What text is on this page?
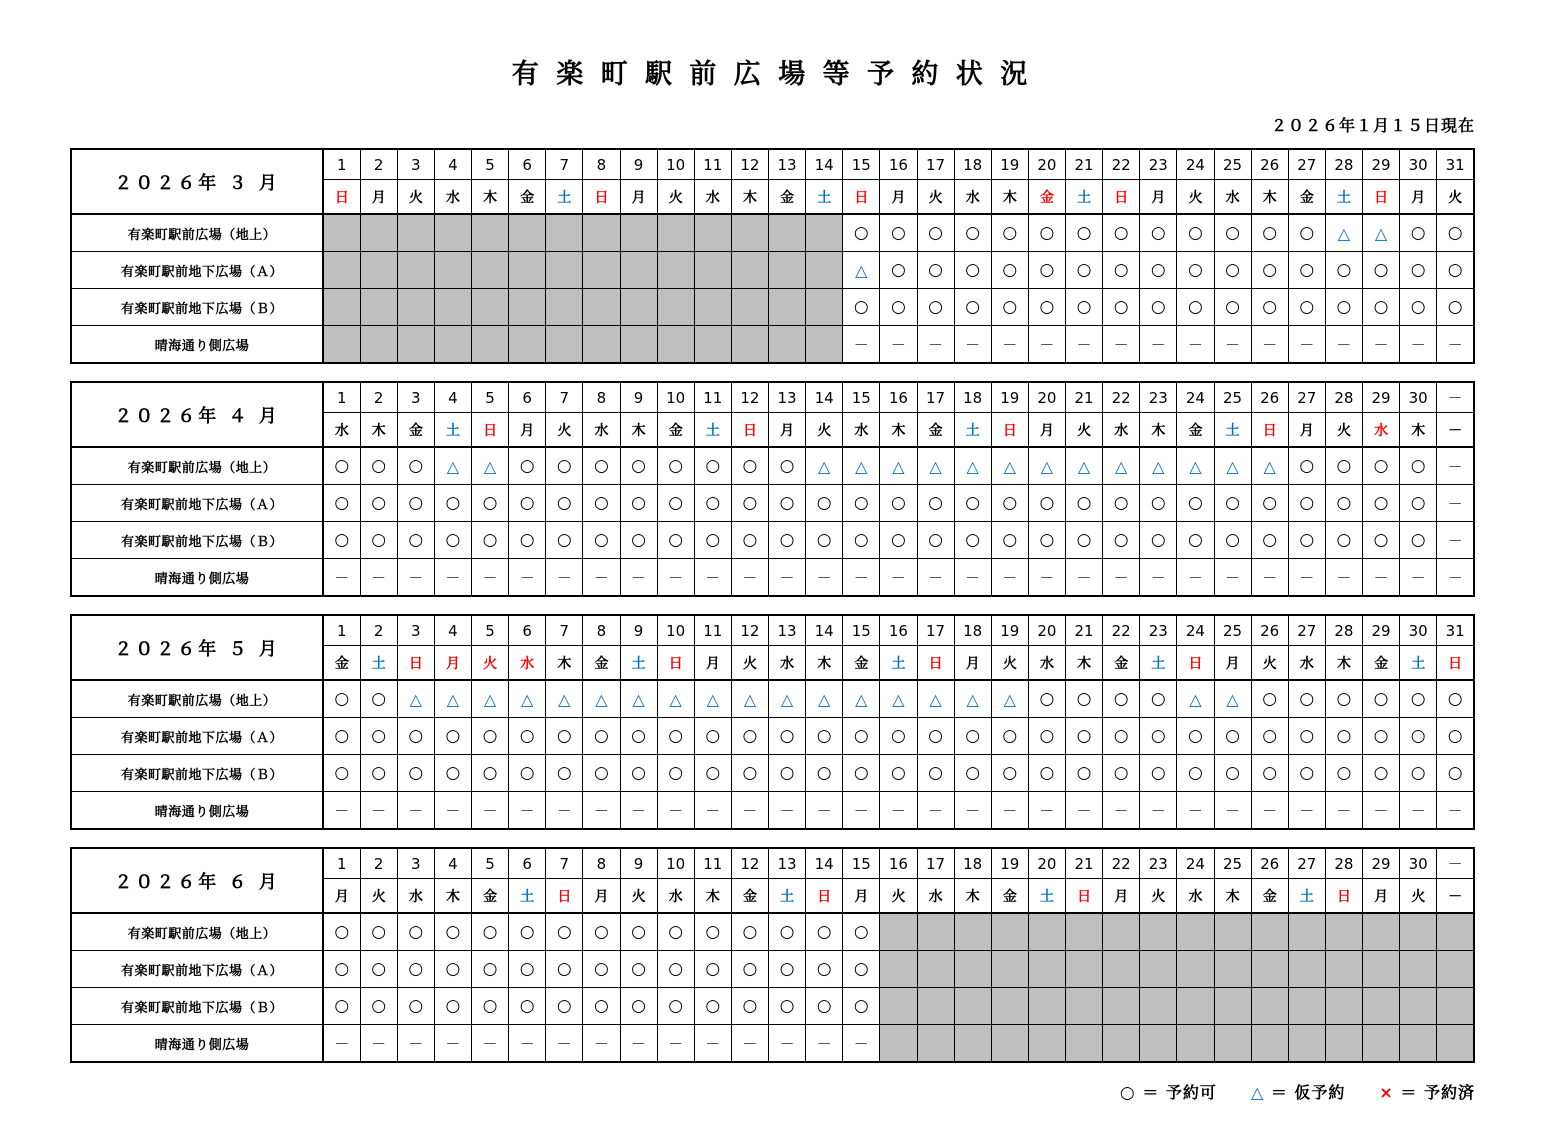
有 楽 町 駅 前 広 場 等 予 約 状 況
２０２６年１月１５日現在
２０２６年 ３ 月	1	2	3	4	5	6	7	8	9	10	11	12	13	14	15	16	17	18	19	20	21	22	23	24	25	26	27	28	29	30	31
	日	月	火	水	木	金	土	日	月	火	水	木	金	土	日	月	火	水	木	金	土	日	月	火	水	木	金	土	日	月	火
有楽町駅前広場（地上）															○	○	○	○	○	○	○	○	○	○	○	○	○	△	△	○	○
有楽町駅前地下広場（Ａ）															△	○	○	○	○	○	○	○	○	○	○	○	○	○	○	○	○
有楽町駅前地下広場（Ｂ）															○	○	○	○	○	○	○	○	○	○	○	○	○	○	○	○	○
晴海通り側広場															－	－	－	－	－	－	－	－	－	－	－	－	－	－	－	－	－
２０２６年 ４ 月	1	2	3	4	5	6	7	8	9	10	11	12	13	14	15	16	17	18	19	20	21	22	23	24	25	26	27	28	29	30	－
	水	木	金	土	日	月	火	水	木	金	土	日	月	火	水	木	金	土	日	月	火	水	木	金	土	日	月	火	水	木	－
有楽町駅前広場（地上）	○	○	○	△	△	○	○	○	○	○	○	○	○	△	△	△	△	△	△	△	△	△	△	△	△	△	○	○	○	○	－
有楽町駅前地下広場（Ａ）	○	○	○	○	○	○	○	○	○	○	○	○	○	○	○	○	○	○	○	○	○	○	○	○	○	○	○	○	○	○	－
有楽町駅前地下広場（Ｂ）	○	○	○	○	○	○	○	○	○	○	○	○	○	○	○	○	○	○	○	○	○	○	○	○	○	○	○	○	○	○	－
晴海通り側広場	－	－	－	－	－	－	－	－	－	－	－	－	－	－	－	－	－	－	－	－	－	－	－	－	－	－	－	－	－	－	－
２０２６年 ５ 月	1	2	3	4	5	6	7	8	9	10	11	12	13	14	15	16	17	18	19	20	21	22	23	24	25	26	27	28	29	30	31
	金	土	日	月	火	水	木	金	土	日	月	火	水	木	金	土	日	月	火	水	木	金	土	日	月	火	水	木	金	土	日
有楽町駅前広場（地上）	○	○	△	△	△	△	△	△	△	△	△	△	△	△	△	△	△	△	△	○	○	○	○	△	△	○	○	○	○	○	○
有楽町駅前地下広場（Ａ）	○	○	○	○	○	○	○	○	○	○	○	○	○	○	○	○	○	○	○	○	○	○	○	○	○	○	○	○	○	○	○
有楽町駅前地下広場（Ｂ）	○	○	○	○	○	○	○	○	○	○	○	○	○	○	○	○	○	○	○	○	○	○	○	○	○	○	○	○	○	○	○
晴海通り側広場	－	－	－	－	－	－	－	－	－	－	－	－	－	－	－	－	－	－	－	－	－	－	－	－	－	－	－	－	－	－	－
２０２６年 ６ 月	1	2	3	4	5	6	7	8	9	10	11	12	13	14	15	16	17	18	19	20	21	22	23	24	25	26	27	28	29	30	－
	月	火	水	木	金	土	日	月	火	水	木	金	土	日	月	火	水	木	金	土	日	月	火	水	木	金	土	日	月	火	－
有楽町駅前広場（地上）	○	○	○	○	○	○	○	○	○	○	○	○	○	○	○																
有楽町駅前地下広場（Ａ）	○	○	○	○	○	○	○	○	○	○	○	○	○	○	○																
有楽町駅前地下広場（Ｂ）	○	○	○	○	○	○	○	○	○	○	○	○	○	○	○																
晴海通り側広場	－	－	－	－	－	－	－	－	－	－	－	－	－	－	－																
○ ＝ 予約可 △ ＝ 仮予約 × ＝ 予約済
